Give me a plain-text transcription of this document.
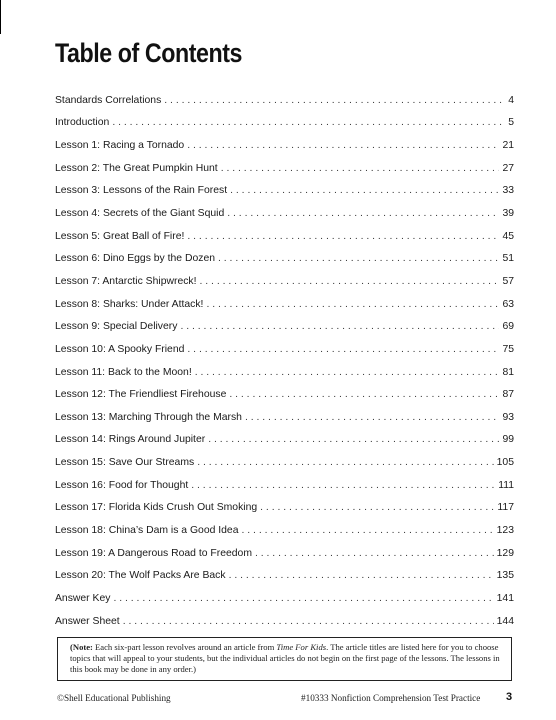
Table of Contents
Standards Correlations . . .	4
Introduction . . .	5
Lesson 1: Racing a Tornado . . .	21
Lesson 2: The Great Pumpkin Hunt . . .	27
Lesson 3: Lessons of the Rain Forest . . .	33
Lesson 4: Secrets of the Giant Squid . . .	39
Lesson 5: Great Ball of Fire! . . .	45
Lesson 6: Dino Eggs by the Dozen . . .	51
Lesson 7: Antarctic Shipwreck! . . .	57
Lesson 8: Sharks: Under Attack! . . .	63
Lesson 9: Special Delivery . . .	69
Lesson 10: A Spooky Friend . . .	75
Lesson 11: Back to the Moon! . . .	81
Lesson 12: The Friendliest Firehouse . . .	87
Lesson 13: Marching Through the Marsh . . .	93
Lesson 14: Rings Around Jupiter . . .	99
Lesson 15: Save Our Streams . . .	105
Lesson 16: Food for Thought . . .	111
Lesson 17: Florida Kids Crush Out Smoking . . .	117
Lesson 18: China’s Dam is a Good Idea . . .	123
Lesson 19: A Dangerous Road to Freedom . . .	129
Lesson 20: The Wolf Packs Are Back . . .	135
Answer Key . . .	141
Answer Sheet . . .	144
(Note: Each six-part lesson revolves around an article from Time For Kids. The article titles are listed here for you to choose topics that will appeal to your students, but the individual articles do not begin on the first page of the lessons. The lessons in this book may be done in any order.)
©Shell Educational Publishing	#10333 Nonfiction Comprehension Test Practice 3
